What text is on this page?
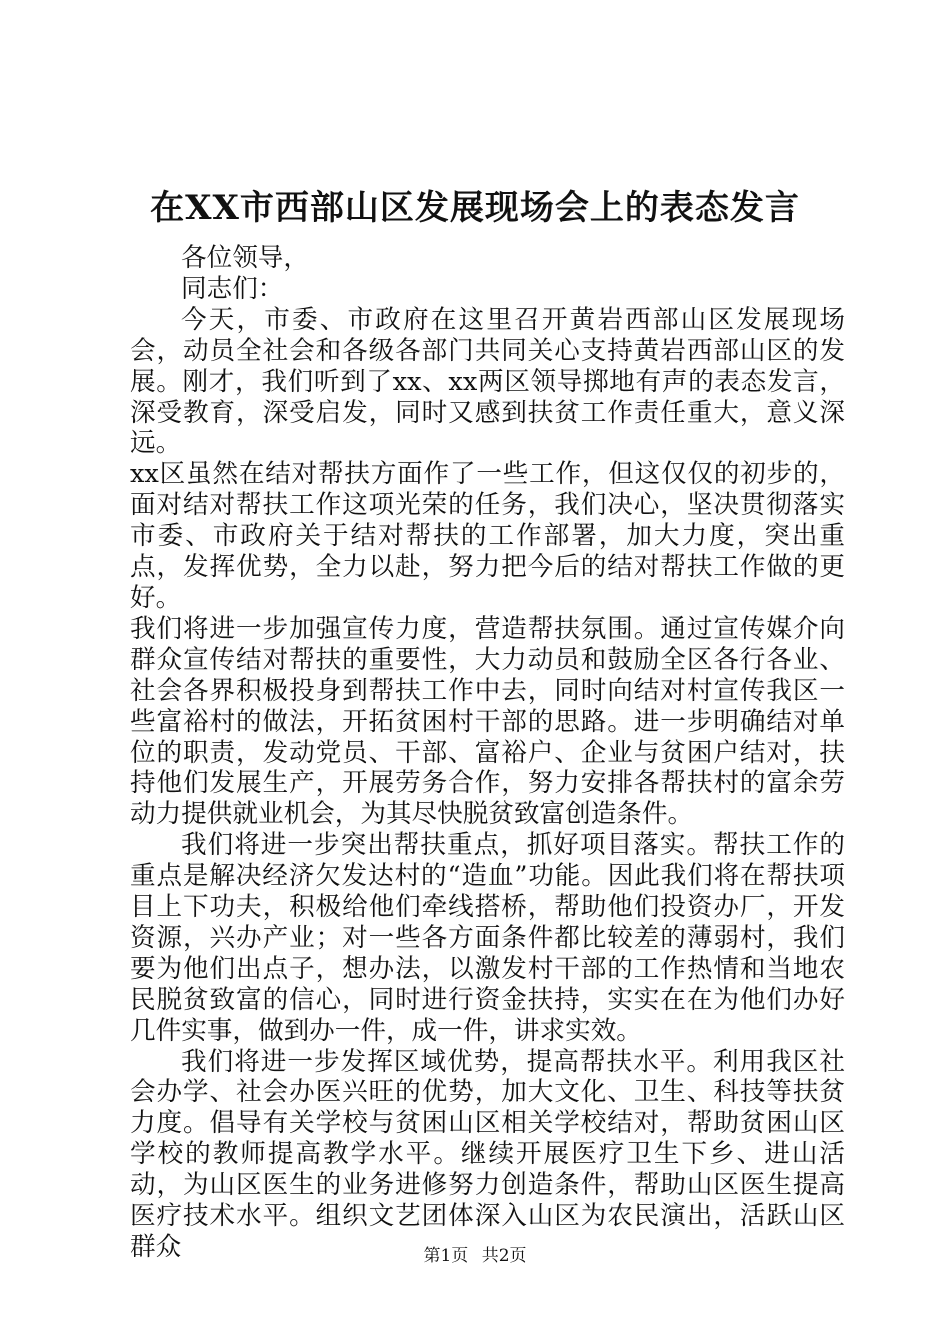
在XX市西部山区发展现场会上的表态发言

各位领导，

同志们：

今天，市委、市政府在这里召开黄岩西部山区发展现场会，动员全社会和各级各部门共同关心支持黄岩西部山区的发展。刚才，我们听到了xx、xx两区领导掷地有声的表态发言，深受教育，深受启发，同时又感到扶贫工作责任重大，意义深远。

xx区虽然在结对帮扶方面作了一些工作，但这仅仅的初步的，面对结对帮扶工作这项光荣的任务，我们决心，坚决贯彻落实市委、市政府关于结对帮扶的工作部署，加大力度，突出重点，发挥优势，全力以赴，努力把今后的结对帮扶工作做的更好。

我们将进一步加强宣传力度，营造帮扶氛围。通过宣传媒介向群众宣传结对帮扶的重要性，大力动员和鼓励全区各行各业、社会各界积极投身到帮扶工作中去，同时向结对村宣传我区一些富裕村的做法，开拓贫困村干部的思路。进一步明确结对单位的职责，发动党员、干部、富裕户、企业与贫困户结对，扶持他们发展生产，开展劳务合作，努力安排各帮扶村的富余劳动力提供就业机会，为其尽快脱贫致富创造条件。

我们将进一步突出帮扶重点，抓好项目落实。帮扶工作的重点是解决经济欠发达村的“造血”功能。因此我们将在帮扶项目上下功夫，积极给他们牵线搭桥，帮助他们投资办厂，开发资源，兴办产业；对一些各方面条件都比较差的薄弱村，我们要为他们出点子，想办法，以激发村干部的工作热情和当地农民脱贫致富的信心，同时进行资金扶持，实实在在为他们办好几件实事，做到办一件，成一件，讲求实效。

我们将进一步发挥区域优势，提高帮扶水平。利用我区社会办学、社会办医兴旺的优势，加大文化、卫生、科技等扶贫力度。倡导有关学校与贫困山区相关学校结对，帮助贫困山区学校的教师提高教学水平。继续开展医疗卫生下乡、进山活动，为山区医生的业务进修努力创造条件，帮助山区医生提高医疗技术水平。组织文艺团体深入山区为农民演出，活跃山区群众	第1页 共2页
